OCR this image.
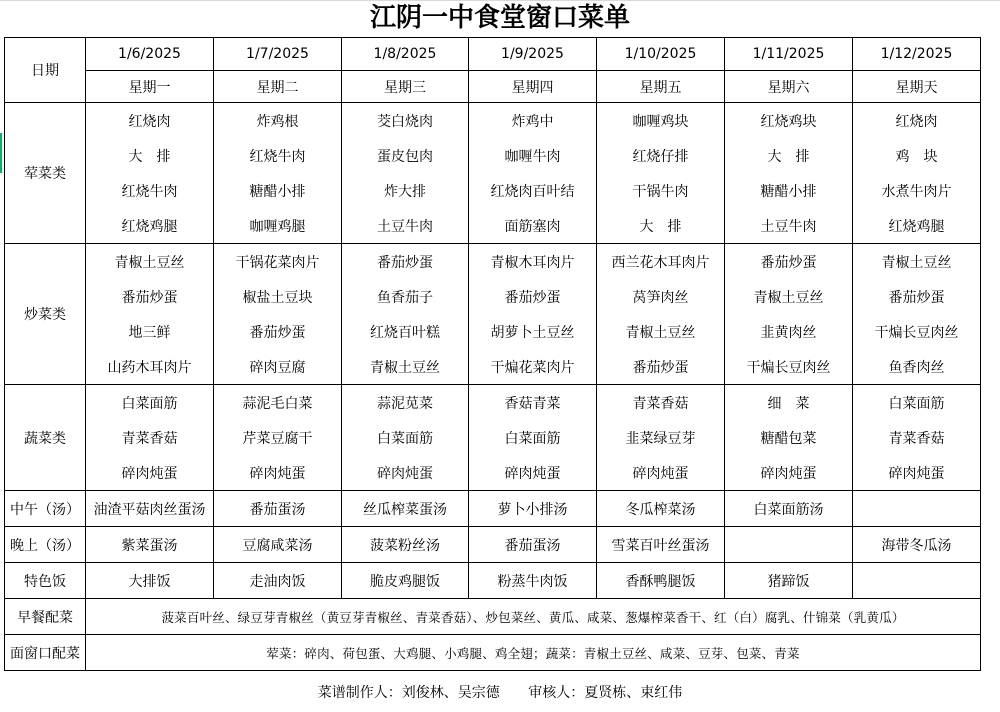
江阴一中食堂窗口菜单
日期	1/6/2025	1/7/2025	1/8/2025	1/9/2025	1/10/2025	1/11/2025	1/12/2025
	星期一	星期二	星期三	星期四	星期五	星期六	星期天
荤菜类	红烧肉	炸鸡根	茭白烧肉	炸鸡中	咖喱鸡块	红烧鸡块	红烧肉
	大　排	红烧牛肉	蛋皮包肉	咖喱牛肉	红烧仔排	大　排	鸡　块
	红烧牛肉	糖醋小排	炸大排	红烧肉百叶结	干锅牛肉	糖醋小排	水煮牛肉片
	红烧鸡腿	咖喱鸡腿	土豆牛肉	面筋塞肉	大　排	土豆牛肉	红烧鸡腿
炒菜类	青椒土豆丝	干锅花菜肉片	番茄炒蛋	青椒木耳肉片	西兰花木耳肉片	番茄炒蛋	青椒土豆丝
	番茄炒蛋	椒盐土豆块	鱼香茄子	番茄炒蛋	莴笋肉丝	青椒土豆丝	番茄炒蛋
	地三鲜	番茄炒蛋	红烧百叶糕	胡萝卜土豆丝	青椒土豆丝	韭黄肉丝	干煸长豆肉丝
	山药木耳肉片	碎肉豆腐	青椒土豆丝	干煸花菜肉片	番茄炒蛋	干煸长豆肉丝	鱼香肉丝
蔬菜类	白菜面筋	蒜泥毛白菜	蒜泥苋菜	香菇青菜	青菜香菇	细　菜	白菜面筋
	青菜香菇	芹菜豆腐干	白菜面筋	白菜面筋	韭菜绿豆芽	糖醋包菜	青菜香菇
	碎肉炖蛋	碎肉炖蛋	碎肉炖蛋	碎肉炖蛋	碎肉炖蛋	碎肉炖蛋	碎肉炖蛋
中午（汤）	油渣平菇肉丝蛋汤	番茄蛋汤	丝瓜榨菜蛋汤	萝卜小排汤	冬瓜榨菜汤	白菜面筋汤	
晚上（汤）	紫菜蛋汤	豆腐咸菜汤	菠菜粉丝汤	番茄蛋汤	雪菜百叶丝蛋汤		海带冬瓜汤
特色饭	大排饭	走油肉饭	脆皮鸡腿饭	粉蒸牛肉饭	香酥鸭腿饭	猪蹄饭	
早餐配菜	菠菜百叶丝、绿豆芽青椒丝（黄豆芽青椒丝、青菜香菇）、炒包菜丝、黄瓜、咸菜、葱爆榨菜香干、红（白）腐乳、什锦菜（乳黄瓜）						
面窗口配菜	荤菜：碎肉、荷包蛋、大鸡腿、小鸡腿、鸡全翅；蔬菜：青椒土豆丝、咸菜、豆芽、包菜、青菜						
菜谱制作人：刘俊林、吴宗德 审核人：夏贤栋、束红伟
